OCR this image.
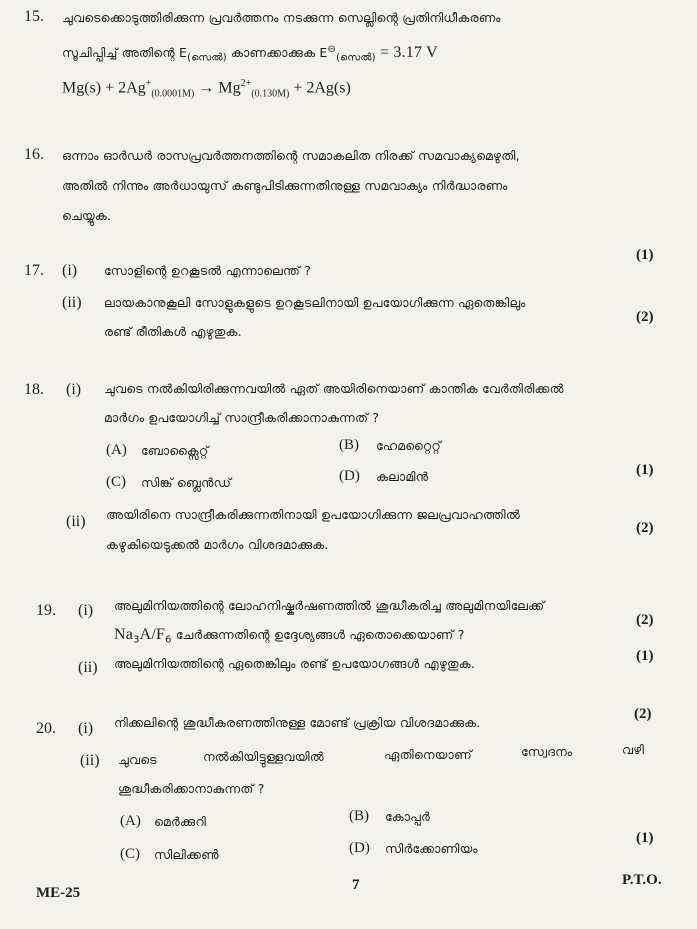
15. ചുവടെക്കൊടുത്തിരിക്കുന്ന പ്രവർത്തനം നടക്കുന്ന സെല്ലിന്റെ പ്രതിനിധീകരണം
സൂചിപ്പിച്ച് അതിന്റെ $E_{(സെൽ)}$ കാണക്കാക്കുക $E^⊖_{(സെൽ)} = 3.17$ V
$Mg(s) + 2Ag^+_{(0.0001M)} \to Mg^{2+}_{(0.130M)} + 2Ag(s)$
16. ഒന്നാം ഓർഡർ രാസപ്രവർത്തനത്തിന്റെ സമാകലിത നിരക്ക് സമവാക്യമെഴുതി,
അതിൽ നിന്നും അർധായുസ് കണ്ടുപിടിക്കുന്നതിനുള്ള സമവാക്യം നിർദ്ധാരണം
ചെയ്യുക.
17. (i) സോളിന്റെ ഉറകൂടൽ എന്നാലെന്ത് ?
(1)
(ii) ലായകാനുകൂലി സോളുകളുടെ ഉറകൂടലിനായി ഉപയോഗിക്കുന്ന ഏതെങ്കിലും
രണ്ട് രീതികൾ എഴുതുക.
(2)
18. (i) ചുവടെ നൽകിയിരിക്കുന്നവയിൽ ഏത് അയിരിനെയാണ് കാന്തിക വേർതിരിക്കൽ
മാർഗം ഉപയോഗിച്ച് സാന്ദ്രീകരിക്കാനാകുന്നത് ?
(A) ബോക്സൈറ്റ്	(B) ഹേമറ്റൈറ്റ്
(C) സിങ്ക് ബ്ലെൻഡ്	(D) കലാമിൻ	(1)
(ii) അയിരിനെ സാന്ദ്രീകരിക്കുന്നതിനായി ഉപയോഗിക്കുന്ന ജലപ്രവാഹത്തിൽ
കഴുകിയെടുക്കൽ മാർഗം വിശദമാക്കുക.
(2)
19. (i) അലുമിനിയത്തിന്റെ ലോഹനിഷ്കർഷണത്തിൽ ശുദ്ധീകരിച്ച അലുമിനയിലേക്ക്
$Na_3A/F_6$ ചേർക്കുന്നതിന്റെ ഉദ്ദേശ്യങ്ങൾ ഏതൊക്കെയാണ് ?
(2)
(ii) അലുമിനിയത്തിന്റെ ഏതെങ്കിലും രണ്ട് ഉപയോഗങ്ങൾ എഴുതുക.	(1)
20. (i) നിക്കലിന്റെ ശുദ്ധീകരണത്തിനുള്ള മോണ്ട് പ്രക്രിയ വിശദമാക്കുക.
(2)
(ii) ചുവടെ	നൽകിയിട്ടുള്ളവയിൽ	ഏതിനെയാണ്	സ്വേദനം	വഴി
ശുദ്ധീകരിക്കാനാകുന്നത് ?
(A) മെർക്കുറി	(B) കോപ്പർ
(C) സിലിക്കൺ	(D) സിർക്കോണിയം
(1)
ME-25	7	P.T.O.
